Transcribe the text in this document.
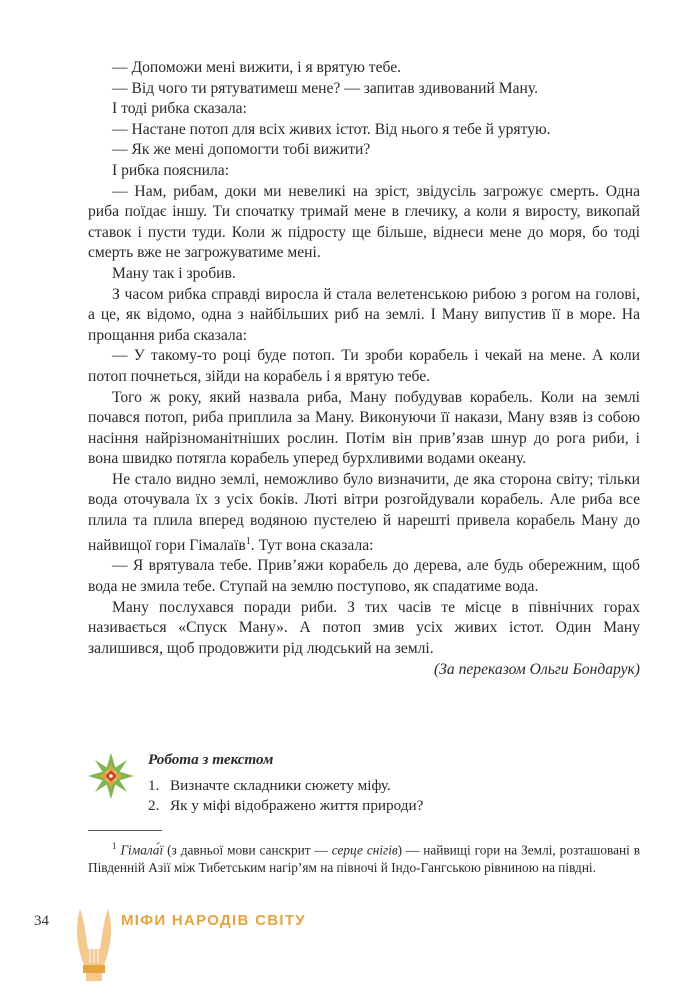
— Допоможи мені вижити, і я врятую тебе.

— Від чого ти рятуватимеш мене? — запитав здивований Ману.

І тоді рибка сказала:

— Настане потоп для всіх живих істот. Від нього я тебе й урятую.

— Як же мені допомогти тобі вижити?

І рибка пояснила:

— Нам, рибам, доки ми невеликі на зріст, звідусіль загрожує смерть. Одна риба поїдає іншу. Ти спочатку тримай мене в глечику, а коли я виросту, викопай ставок і пусти туди. Коли ж підросту ще більше, віднеси мене до моря, бо тоді смерть вже не загрожуватиме мені.

Ману так і зробив.

З часом рибка справді виросла й стала велетенською рибою з рогом на голові, а це, як відомо, одна з найбільших риб на землі. І Ману випустив її в море. На прощання риба сказала:

— У такому-то році буде потоп. Ти зроби корабель і чекай на мене. А коли потоп почнеться, зійди на корабель і я врятую тебе.

Того ж року, який назвала риба, Ману побудував корабель. Коли на землі почався потоп, риба приплила за Ману. Виконуючи її накази, Ману взяв із собою насіння найрізноманітніших рослин. Потім він прив’язав шнур до рога риби, і вона швидко потягла корабель уперед бурхливими водами океану.

Не стало видно землі, неможливо було визначити, де яка сторона світу; тільки вода оточувала їх з усіх боків. Люті вітри розгойдували корабель. Але риба все плила та плила вперед водяною пустелею й нарешті привела корабель Ману до найвищої гори Гімалаїв$^1$. Тут вона сказала:

— Я врятувала тебе. Прив’яжи корабель до дерева, але будь обережним, щоб вода не змила тебе. Ступай на землю поступово, як спадатиме вода.

Ману послухався поради риби. З тих часів те місце в північних горах називається «Спуск Ману». А потоп змив усіх живих істот. Один Ману залишився, щоб продовжити рід людський на землі.

(За переказом Ольги Бондарук)

Робота з текстом
1. Визначте складники сюжету міфу.
2. Як у міфі відображено життя природи?

$^1$ Гімала́ї (з давньої мови санскрит — серце снігів) — найвищі гори на Землі, розташовані в Південній Азії між Тибетським нагір’ям на півночі й Індо-Гангською рівниною на півдні.

34	МІФИ НАРОДІВ СВІТУ
